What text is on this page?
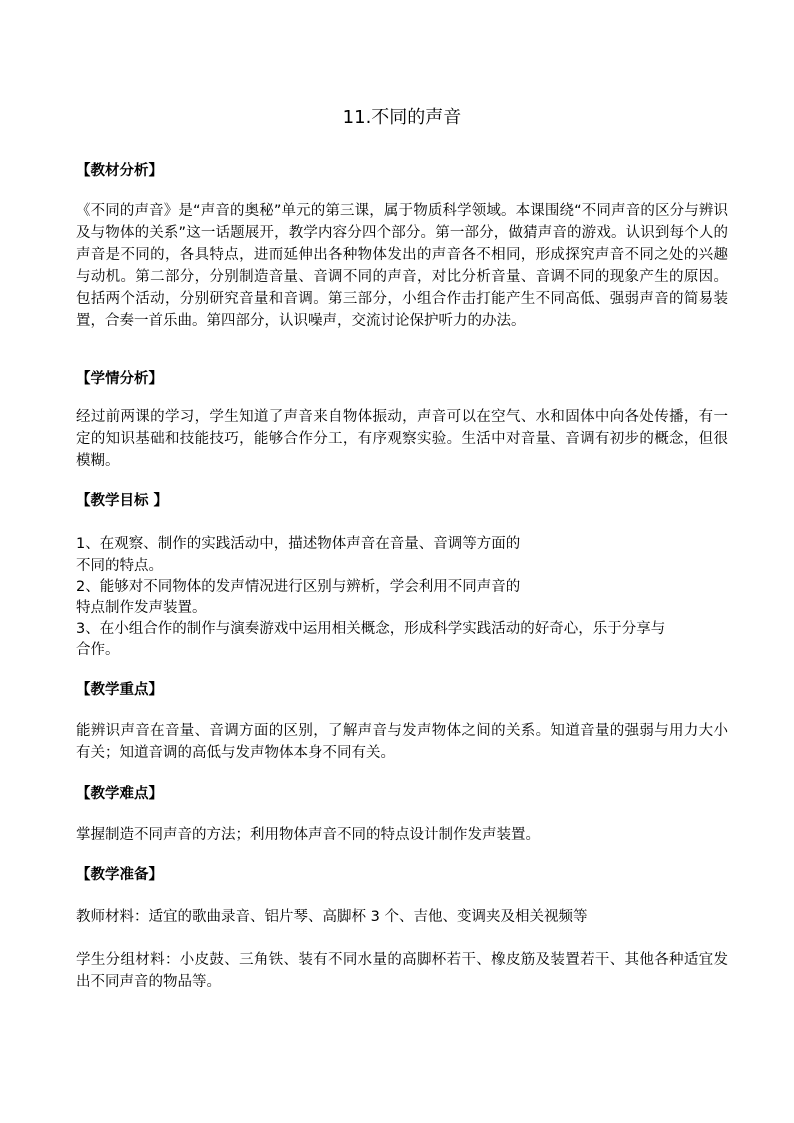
11.不同的声音
【教材分析】

《不同的声音》是“声音的奥秘”单元的第三课，属于物质科学领域。本课围绕“不同声音的区分与辨识及与物体的关系”这一话题展开，教学内容分四个部分。第一部分，做猜声音的游戏。认识到每个人的声音是不同的，各具特点，进而延伸出各种物体发出的声音各不相同，形成探究声音不同之处的兴趣与动机。第二部分，分别制造音量、音调不同的声音，对比分析音量、音调不同的现象产生的原因。包括两个活动，分别研究音量和音调。第三部分，小组合作击打能产生不同高低、强弱声音的简易装置，合奏一首乐曲。第四部分，认识噪声，交流讨论保护听力的办法。

【学情分析】

经过前两课的学习，学生知道了声音来自物体振动，声音可以在空气、水和固体中向各处传播，有一定的知识基础和技能技巧，能够合作分工，有序观察实验。生活中对音量、音调有初步的概念，但很模糊。

【教学目标 】
1、在观察、制作的实践活动中，描述物体声音在音量、音调等方面的
不同的特点。
2、能够对不同物体的发声情况进行区别与辨析，学会利用不同声音的
特点制作发声装置。
3、在小组合作的制作与演奏游戏中运用相关概念，形成科学实践活动的好奇心，乐于分享与
合作。
【教学重点】

能辨识声音在音量、音调方面的区别，了解声音与发声物体之间的关系。知道音量的强弱与用力大小有关；知道音调的高低与发声物体本身不同有关。

【教学难点】

掌握制造不同声音的方法；利用物体声音不同的特点设计制作发声装置。

【教学准备】

教师材料：适宜的歌曲录音、铝片琴、高脚杯 3 个、吉他、变调夹及相关视频等

学生分组材料：小皮鼓、三角铁、装有不同水量的高脚杯若干、橡皮筋及装置若干、其他各种适宜发出不同声音的物品等。
